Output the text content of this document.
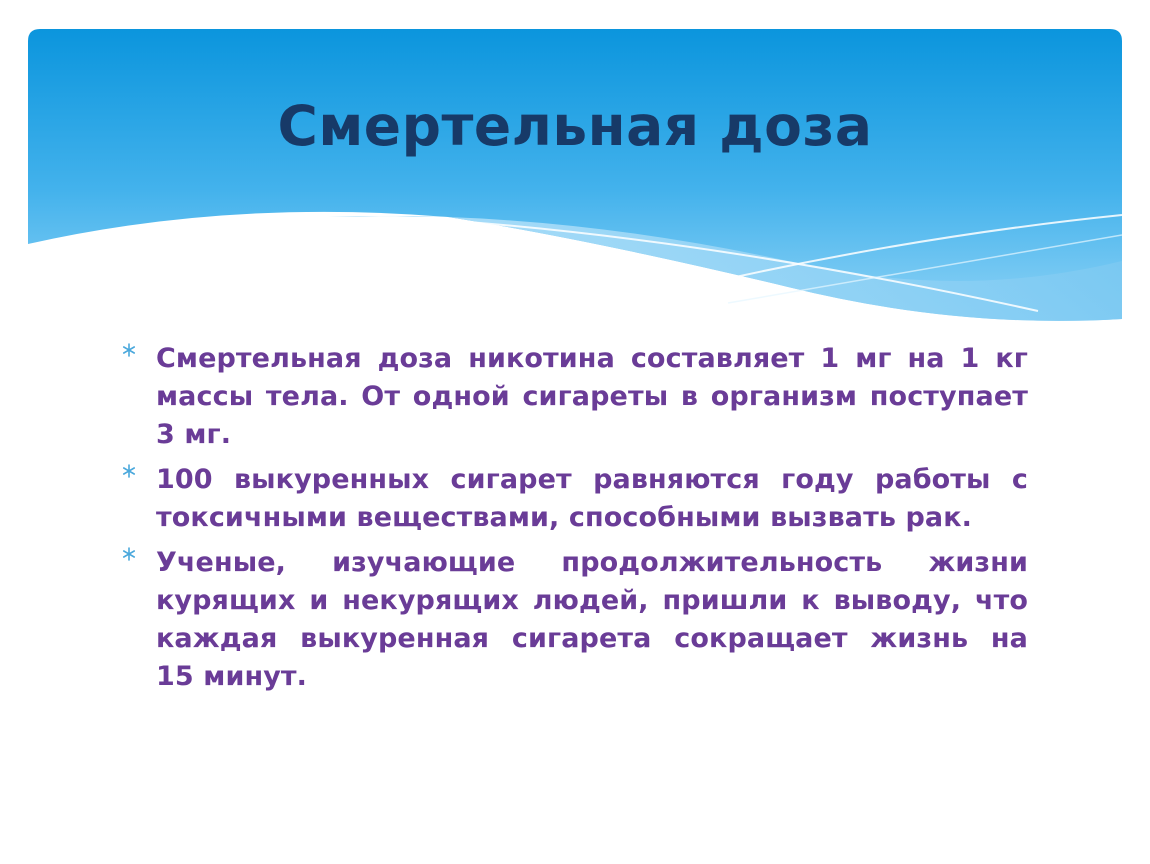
Смертельная доза
Смертельная доза никотина составляет 1 мг на 1 кг массы тела. От одной сигареты в организм поступает 3 мг.
100 выкуренных сигарет равняются году работы с токсичными веществами, способными вызвать рак.
Ученые, изучающие продолжительность жизни курящих и некурящих людей, пришли к выводу, что каждая выкуренная сигарета сокращает жизнь на     15 минут.
